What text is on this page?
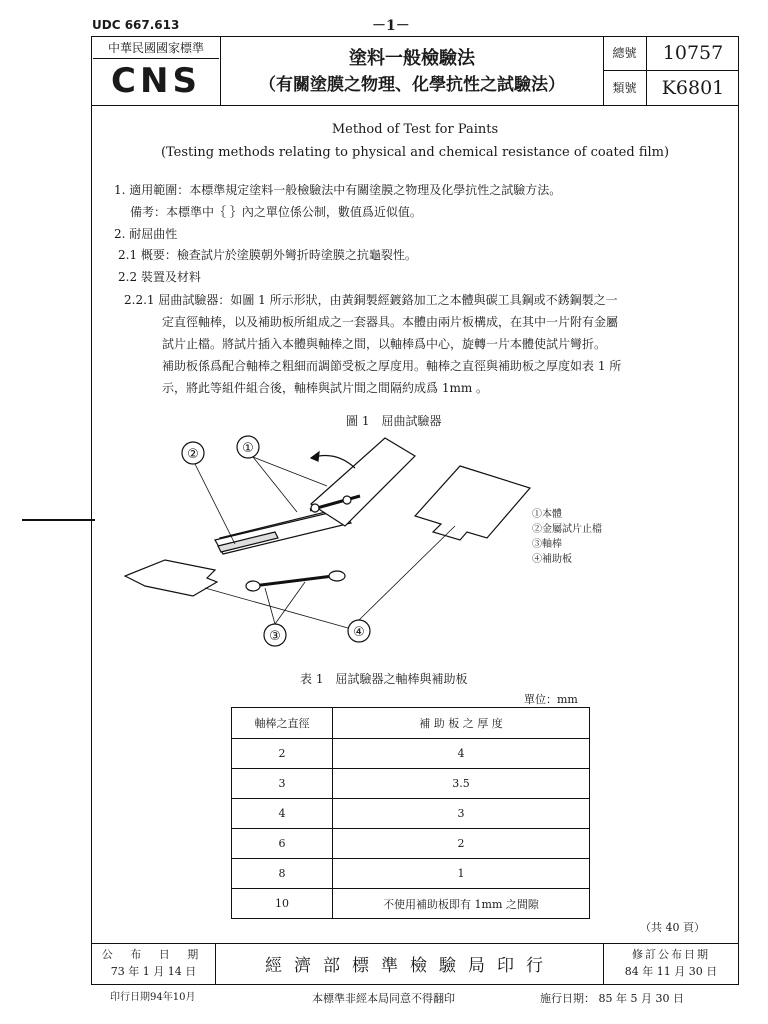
UDC 667.613	－1－
中華民國國家標準
CNS
塗料一般檢驗法
（有關塗膜之物理、化學抗性之試驗法）
總號	10757
類號	K6801
Method of Test for Paints
(Testing methods relating to physical and chemical resistance of coated film)
1. 適用範圍：本標準規定塗料一般檢驗法中有關塗膜之物理及化學抗性之試驗方法。
備考：本標準中｛ ｝內之單位係公制，數值爲近似值。
2. 耐屈曲性
2.1 概要：檢查試片於塗膜朝外彎折時塗膜之抗龜裂性。
2.2 裝置及材料
2.2.1 屈曲試驗器：如圖 1 所示形狀，由黃銅製經鍍鉻加工之本體與碳工具鋼或不銹鋼製之一
定直徑軸棒，以及補助板所組成之一套器具。本體由兩片板構成，在其中一片附有金屬
試片止檔。將試片插入本體與軸棒之間，以軸棒爲中心，旋轉一片本體使試片彎折。
補助板係爲配合軸棒之粗細而調節受板之厚度用。軸棒之直徑與補助板之厚度如表 1 所
示，將此等組件組合後，軸棒與試片間之間隔約成爲 1mm 。
圖 1　屈曲試驗器
②	①
③	④
①本體
②金屬試片止檔
③軸棒
④補助板
表 1　屈試驗器之軸棒與補助板
單位：mm
軸棒之直徑	補 助 板 之 厚 度
2	4
3	3.5
4	3
6	2
8	1
10	不使用補助板即有 1mm 之間隙
（共 40 頁）
公 布 日 期
73 年 1 月 14 日	經濟部標準檢驗局印行
修訂公布日期
84 年 11 月 30 日
印行日期94年10月	本標準非經本局同意不得翻印	施行日期： 85 年 5 月 30 日
